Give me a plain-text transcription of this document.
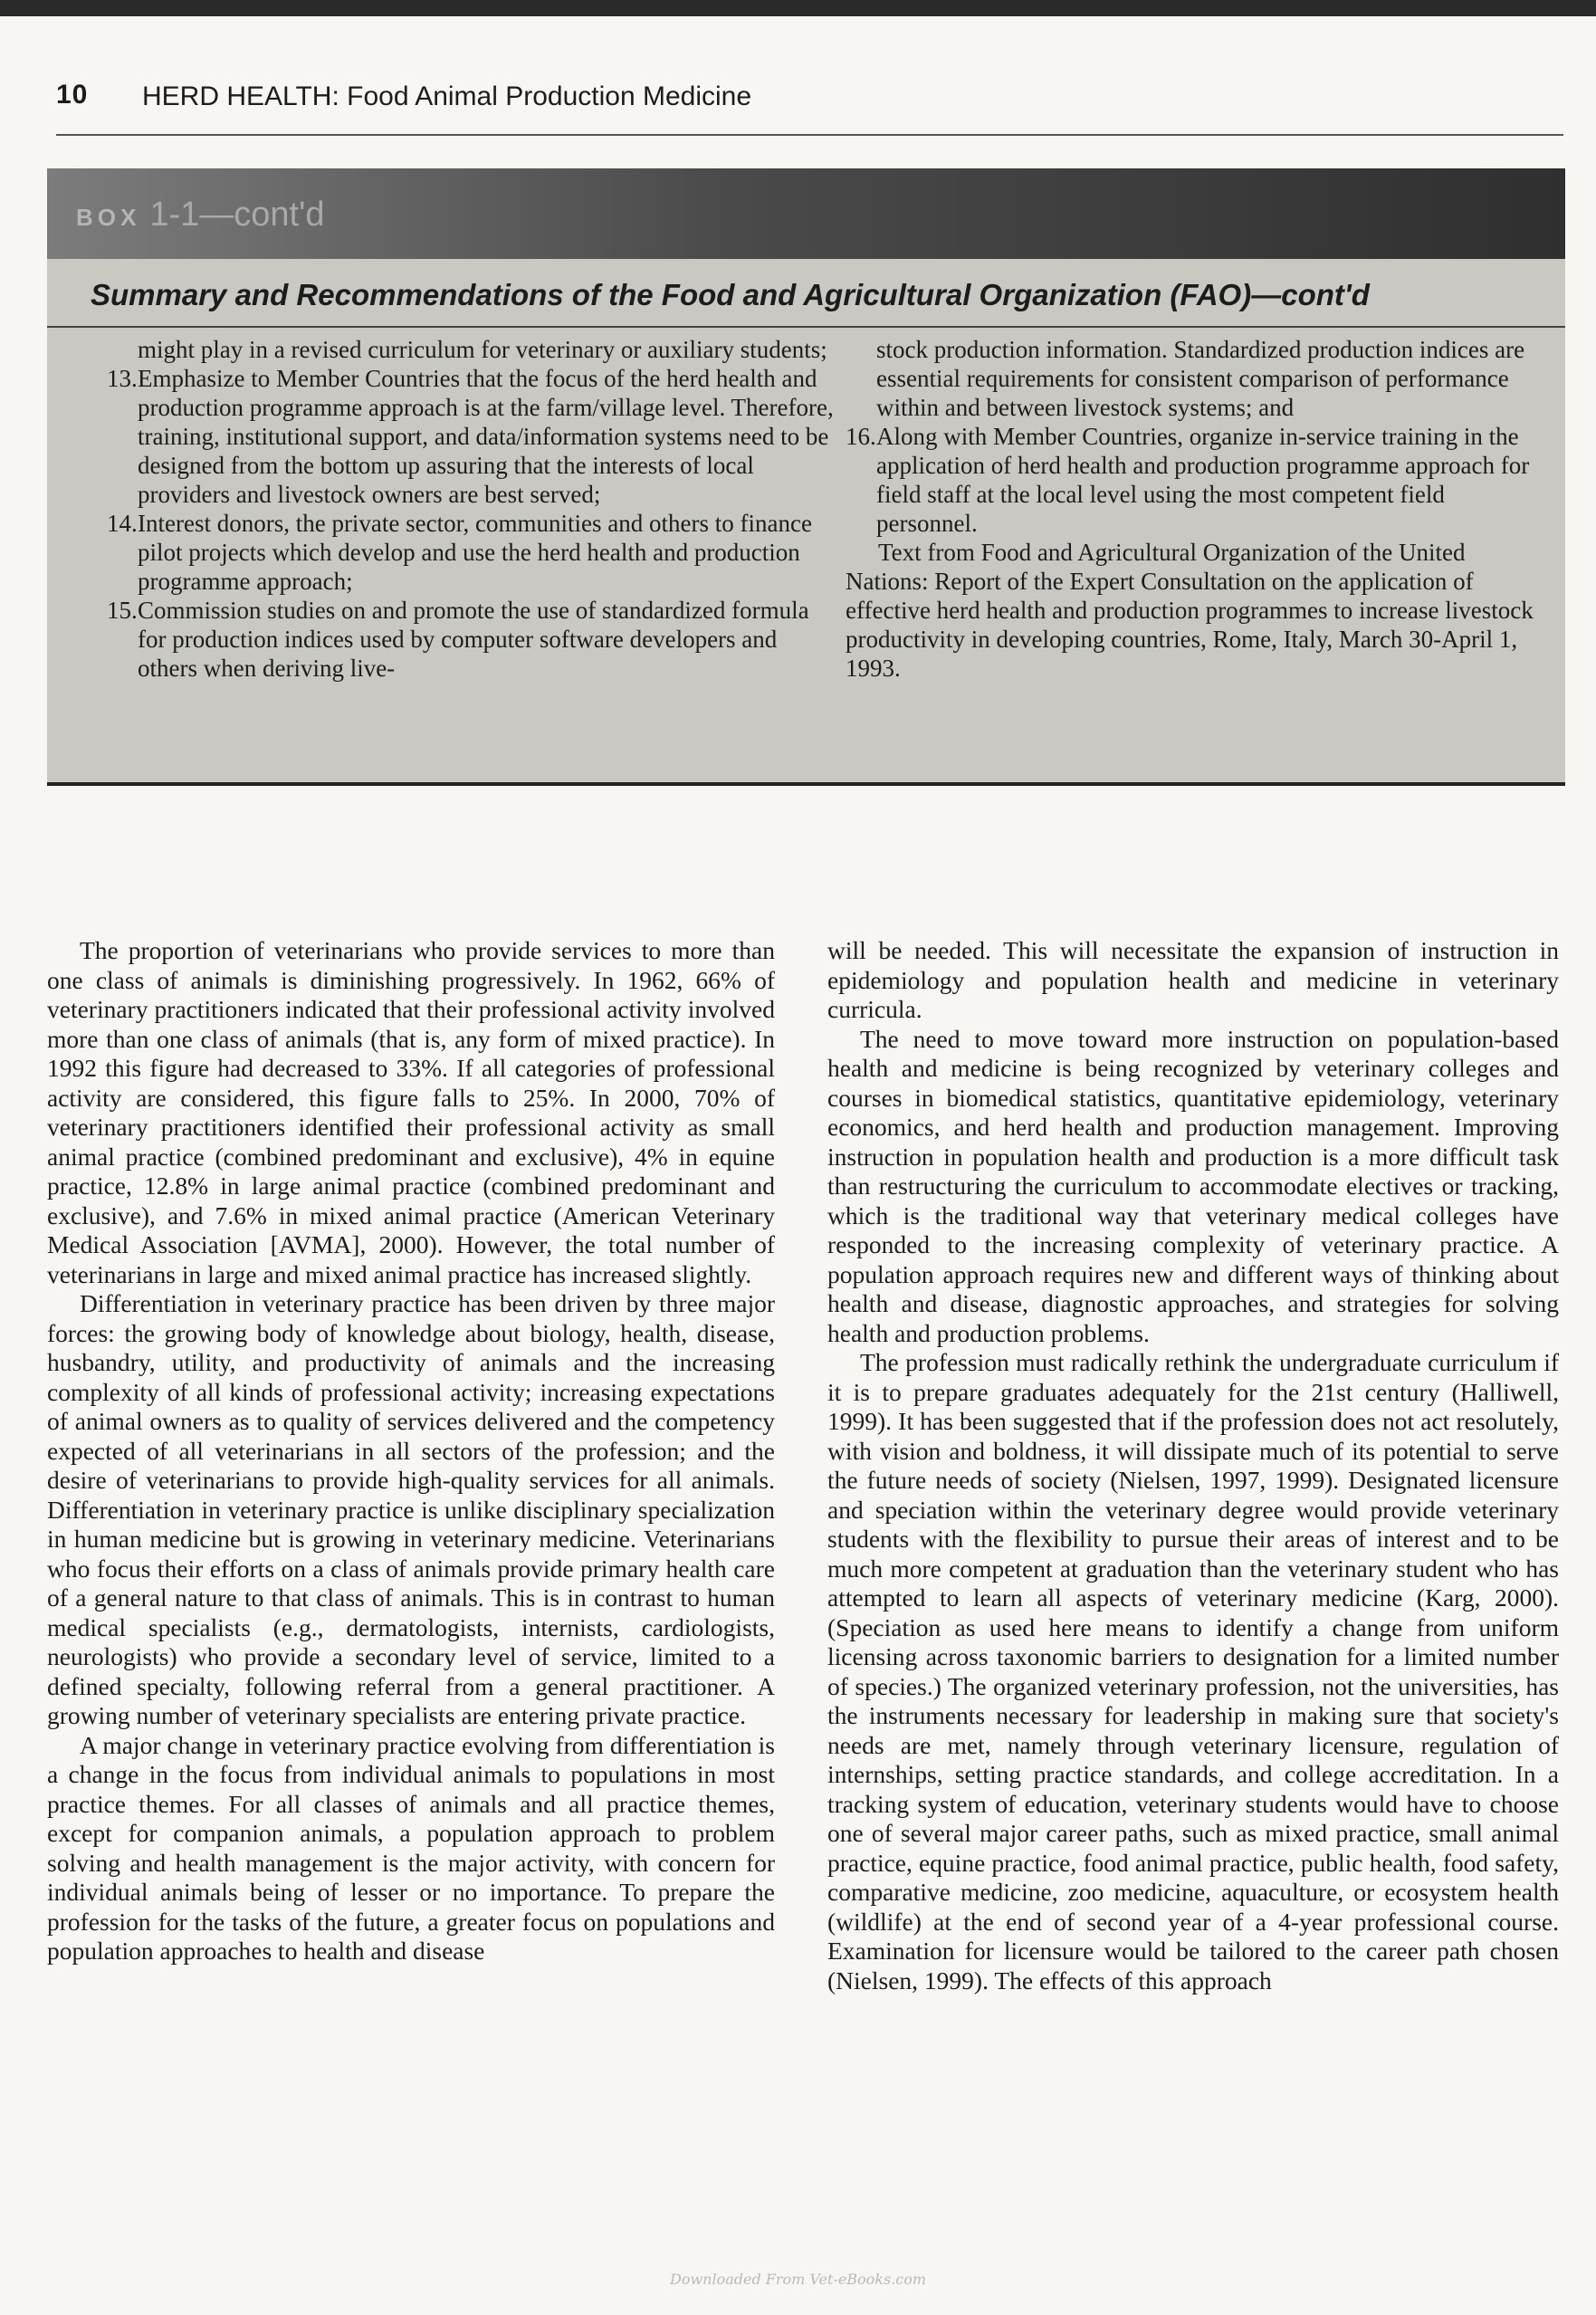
10 HERD HEALTH: Food Animal Production Medicine
BOX 1-1—cont'd
Summary and Recommendations of the Food and Agricultural Organization (FAO)—cont'd

might play in a revised curriculum for veterinary or auxiliary students;

13.Emphasize to Member Countries that the focus of the herd health and production programme approach is at the farm/village level. Therefore, training, institutional support, and data/information systems need to be designed from the bottom up assuring that the interests of local providers and livestock owners are best served;

14.Interest donors, the private sector, communities and others to finance pilot projects which develop and use the herd health and production programme approach;

15.Commission studies on and promote the use of standardized formula for production indices used by computer software developers and others when deriving live-

stock production information. Standardized production indices are essential requirements for consistent comparison of performance within and between livestock systems; and

16.Along with Member Countries, organize in-service training in the application of herd health and production programme approach for field staff at the local level using the most competent field personnel.

Text from Food and Agricultural Organization of the United Nations: Report of the Expert Consultation on the application of effective herd health and production programmes to increase livestock productivity in developing countries, Rome, Italy, March 30-April 1, 1993.

The proportion of veterinarians who provide services to more than one class of animals is diminishing progressively. In 1962, 66% of veterinary practitioners indicated that their professional activity involved more than one class of animals (that is, any form of mixed practice). In 1992 this figure had decreased to 33%. If all categories of professional activity are considered, this figure falls to 25%. In 2000, 70% of veterinary practitioners identified their professional activity as small animal practice (combined predominant and exclusive), 4% in equine practice, 12.8% in large animal practice (combined predominant and exclusive), and 7.6% in mixed animal practice (American Veterinary Medical Association [AVMA], 2000). However, the total number of veterinarians in large and mixed animal practice has increased slightly.

Differentiation in veterinary practice has been driven by three major forces: the growing body of knowledge about biology, health, disease, husbandry, utility, and productivity of animals and the increasing complexity of all kinds of professional activity; increasing expectations of animal owners as to quality of services delivered and the competency expected of all veterinarians in all sectors of the profession; and the desire of veterinarians to provide high-quality services for all animals. Differentiation in veterinary practice is unlike disciplinary specialization in human medicine but is growing in veterinary medicine. Veterinarians who focus their efforts on a class of animals provide primary health care of a general nature to that class of animals. This is in contrast to human medical specialists (e.g., dermatologists, internists, cardiologists, neurologists) who provide a secondary level of service, limited to a defined specialty, following referral from a general practitioner. A growing number of veterinary specialists are entering private practice.

A major change in veterinary practice evolving from differentiation is a change in the focus from individual animals to populations in most practice themes. For all classes of animals and all practice themes, except for companion animals, a population approach to problem solving and health management is the major activity, with concern for individual animals being of lesser or no importance. To prepare the profession for the tasks of the future, a greater focus on populations and population approaches to health and disease

will be needed. This will necessitate the expansion of instruction in epidemiology and population health and medicine in veterinary curricula.

The need to move toward more instruction on population-based health and medicine is being recognized by veterinary colleges and courses in biomedical statistics, quantitative epidemiology, veterinary economics, and herd health and production management. Improving instruction in population health and production is a more difficult task than restructuring the curriculum to accommodate electives or tracking, which is the traditional way that veterinary medical colleges have responded to the increasing complexity of veterinary practice. A population approach requires new and different ways of thinking about health and disease, diagnostic approaches, and strategies for solving health and production problems.

The profession must radically rethink the undergraduate curriculum if it is to prepare graduates adequately for the 21st century (Halliwell, 1999). It has been suggested that if the profession does not act resolutely, with vision and boldness, it will dissipate much of its potential to serve the future needs of society (Nielsen, 1997, 1999). Designated licensure and speciation within the veterinary degree would provide veterinary students with the flexibility to pursue their areas of interest and to be much more competent at graduation than the veterinary student who has attempted to learn all aspects of veterinary medicine (Karg, 2000). (Speciation as used here means to identify a change from uniform licensing across taxonomic barriers to designation for a limited number of species.) The organized veterinary profession, not the universities, has the instruments necessary for leadership in making sure that society's needs are met, namely through veterinary licensure, regulation of internships, setting practice standards, and college accreditation. In a tracking system of education, veterinary students would have to choose one of several major career paths, such as mixed practice, small animal practice, equine practice, food animal practice, public health, food safety, comparative medicine, zoo medicine, aquaculture, or ecosystem health (wildlife) at the end of second year of a 4-year professional course. Examination for licensure would be tailored to the career path chosen (Nielsen, 1999). The effects of this approach

Downloaded From Vet-eBooks.com
